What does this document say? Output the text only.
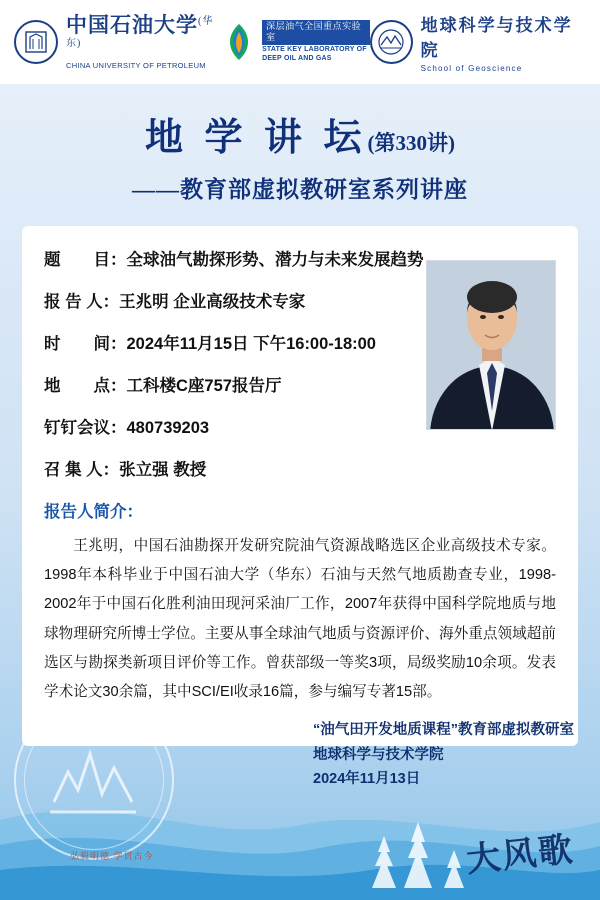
中国石油大学$^{(华东)}$
CHINA UNIVERSITY OF PETROLEUM
深层油气全国重点实验室
STATE KEY LABORATORY OF
DEEP OIL AND GAS
地球科学与技术学院
School of Geoscience
地 学 讲 坛(第330讲)
——教育部虚拟教研室系列讲座
题　　目： 全球油气勘探形势、潜力与未来发展趋势
报 告 人： 王兆明 企业高级技术专家
时　　间： 2024年11月15日 下午16:00-18:00
地　　点： 工科楼C座757报告厅
钉钉会议： 480739203
召 集 人： 张立强 教授
报告人简介：
王兆明，中国石油勘探开发研究院油气资源战略选区企业高级技术专家。1998年本科毕业于中国石油大学（华东）石油与天然气地质勘查专业，1998-2002年于中国石化胜利油田现河采油厂工作，2007年获得中国科学院地质与地球物理研究所博士学位。主要从事全球油气地质与资源评价、海外重点领域超前选区与勘探类新项目评价等工作。曾获部级一等奖3项，局级奖励10余项。发表学术论文30余篇，其中SCI/EI收录16篇，参与编写专著15部。
School of Geosciences	“油气田开发地质课程”教育部虚拟教研室
地球科学与技术学院
2024年11月13日
大风歌
弘毅明德 学贯古今
